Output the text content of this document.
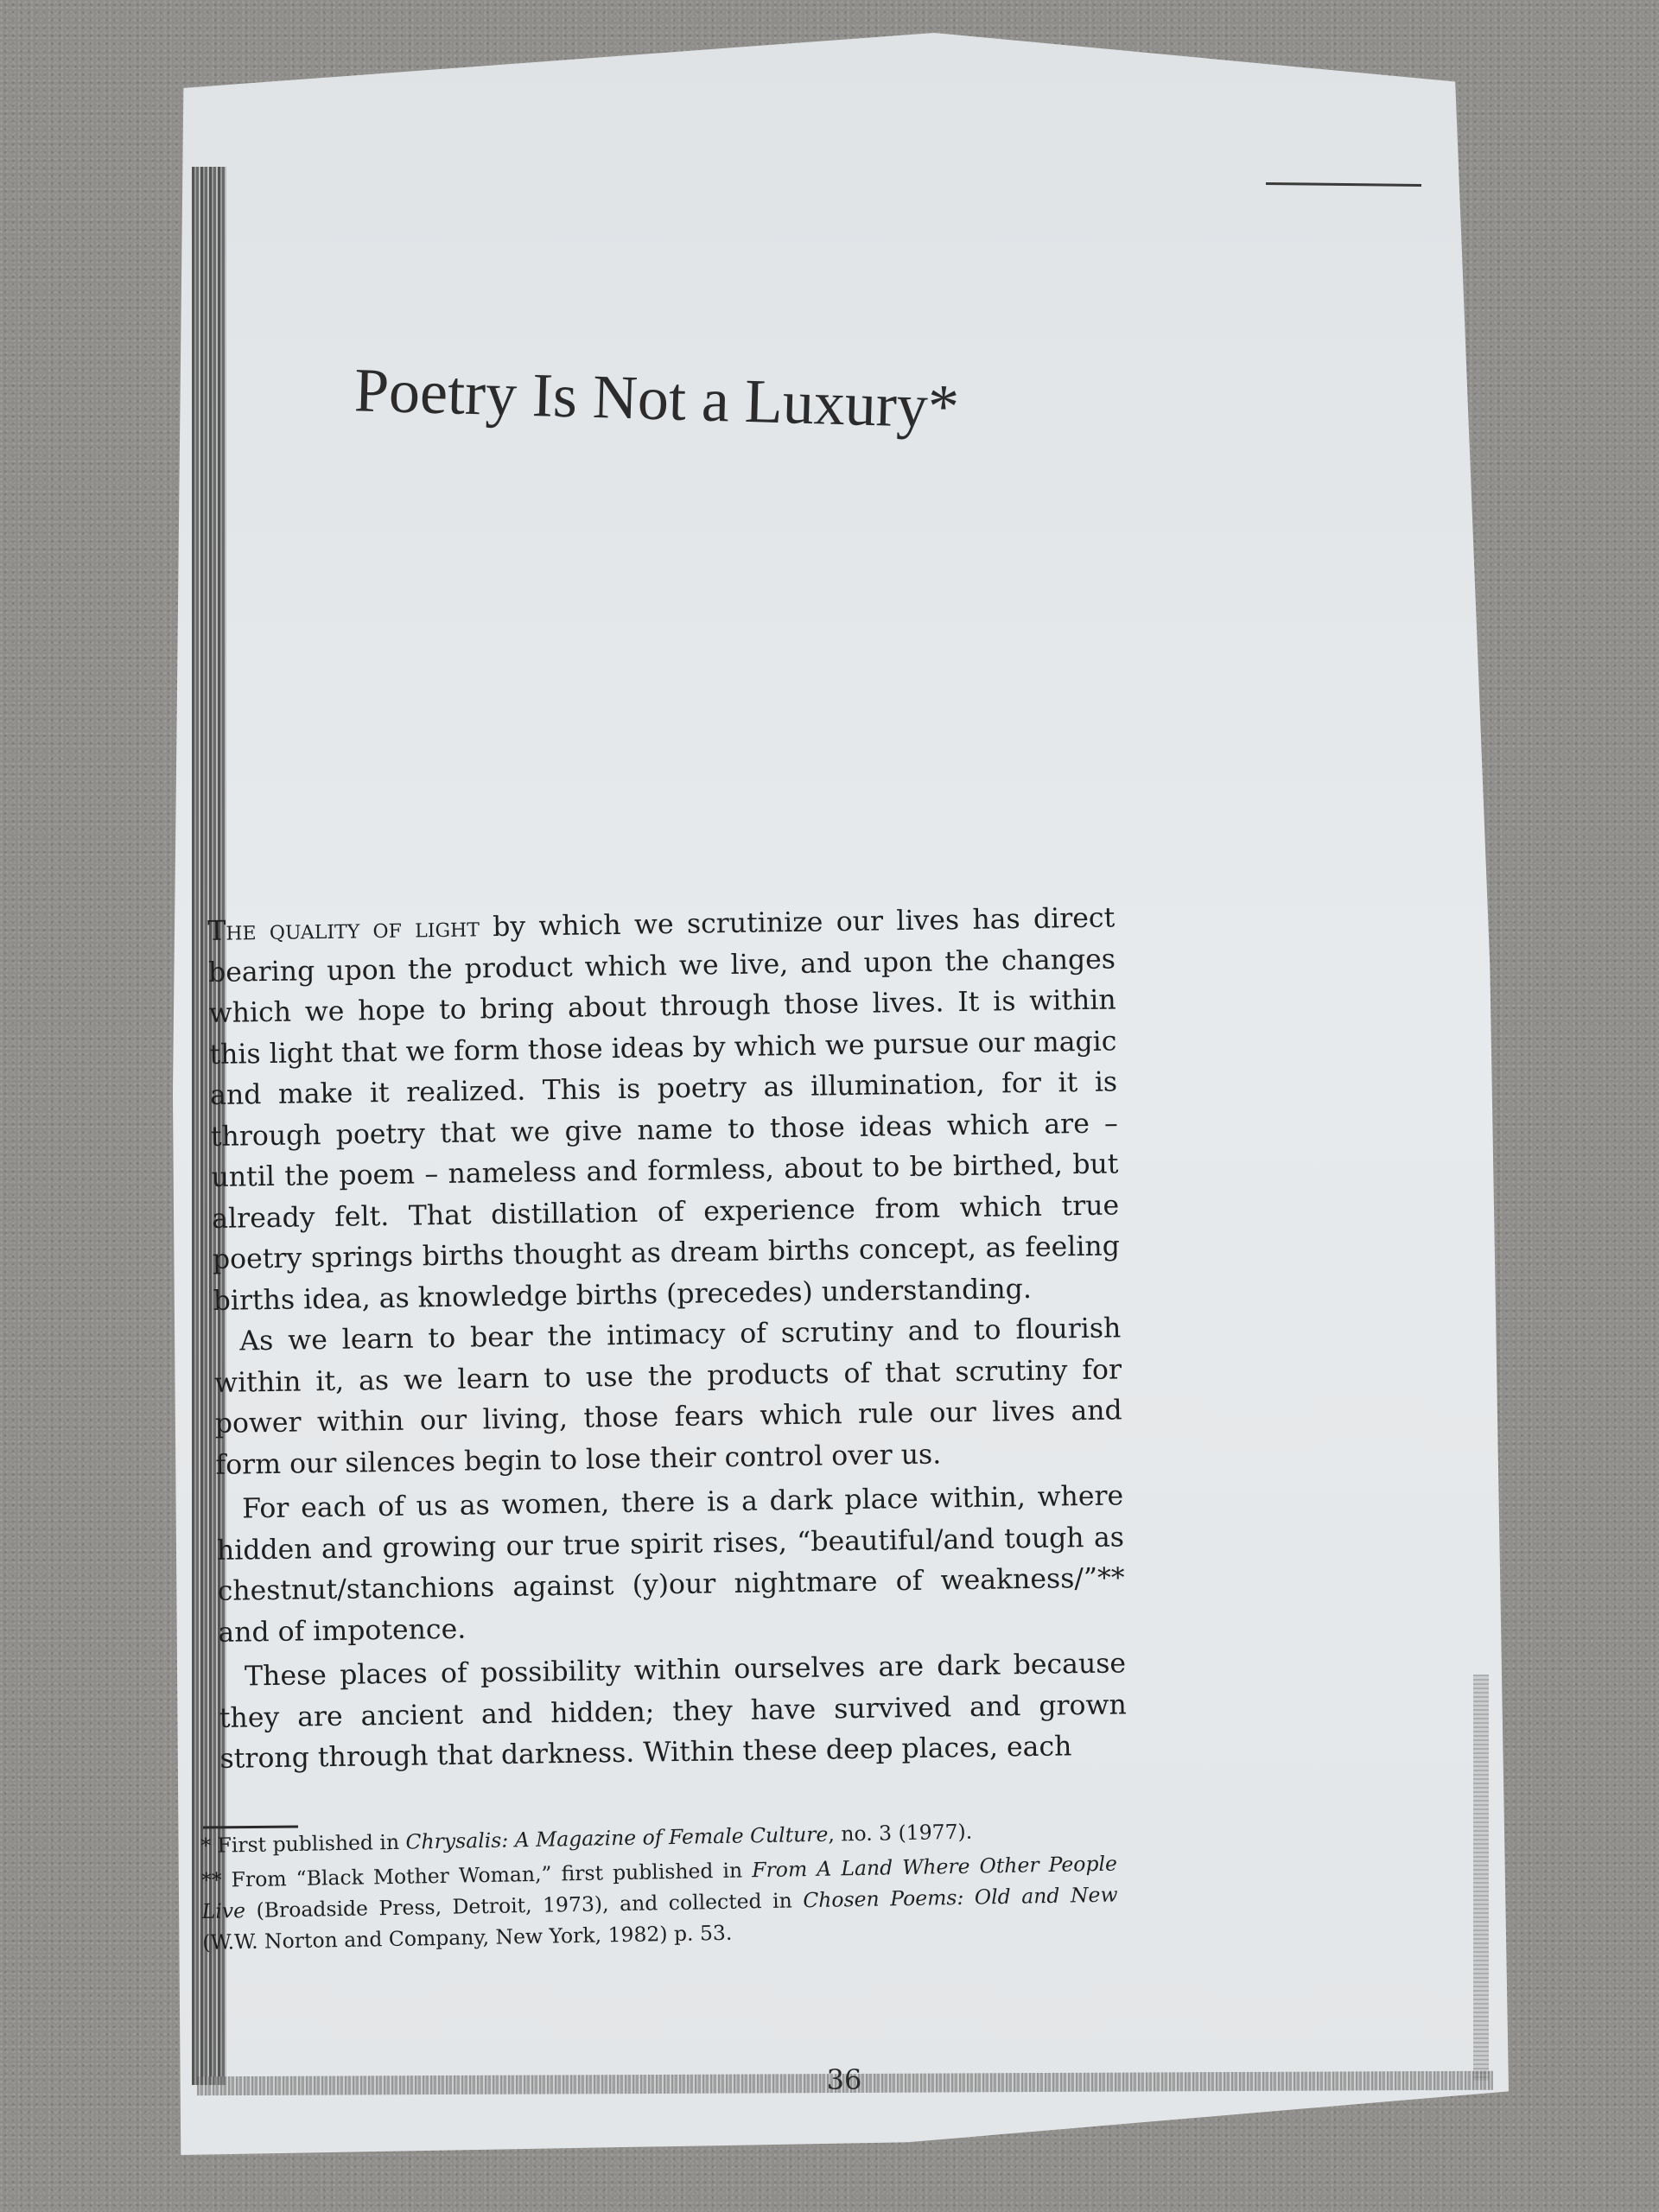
Poetry Is Not a Luxury*

The quality of light by which we scrutinize our lives has direct bearing upon the product which we live, and upon the changes which we hope to bring about through those lives. It is within this light that we form those ideas by which we pursue our magic and make it realized. This is poetry as illumination, for it is through poetry that we give name to those ideas which are – until the poem – nameless and formless, about to be birthed, but already felt. That distillation of experience from which true poetry springs births thought as dream births concept, as feeling births idea, as knowledge births (precedes) understanding.

As we learn to bear the intimacy of scrutiny and to flourish within it, as we learn to use the products of that scrutiny for power within our living, those fears which rule our lives and form our silences begin to lose their control over us.

For each of us as women, there is a dark place within, where hidden and growing our true spirit rises, “beautiful/and tough as chestnut/stanchions against (y)our nightmare of weakness/”** and of impotence.

These places of possibility within ourselves are dark because they are ancient and hidden; they have survived and grown strong through that darkness. Within these deep places, each

* First published in Chrysalis: A Magazine of Female Culture, no. 3 (1977).

** From “Black Mother Woman,” first published in From A Land Where Other People Live (Broadside Press, Detroit, 1973), and collected in Chosen Poems: Old and New (W.W. Norton and Company, New York, 1982) p. 53.

36
